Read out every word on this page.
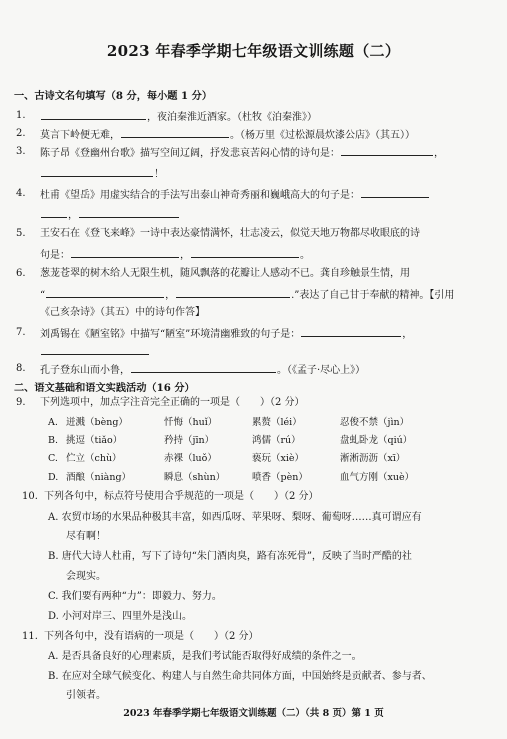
2023 年春季学期七年级语文训练题（二）
一、古诗文名句填写（8 分，每小题 1 分）
1.	，夜泊秦淮近酒家。（杜牧《泊秦淮》）
2. 莫言下岭便无难，	。（杨万里《过松源晨炊漆公店》（其五））
3. 陈子昂《登幽州台歌》描写空间辽阔，抒发悲哀苦闷心情的诗句是：	，
！
4. 杜甫《望岳》用虚实结合的手法写出泰山神奇秀丽和巍峨高大的句子是：
，
5. 王安石在《登飞来峰》一诗中表达豪情满怀，壮志凌云，似觉天地万物都尽收眼底的诗
句是：	，	。
6. 葱茏苍翠的树木给人无限生机，随风飘落的花瓣让人感动不已。龚自珍触景生情，用
“	，	.”表达了自己甘于奉献的精神。【引用
《己亥杂诗》（其五）中的诗句作答】
7. 刘禹锡在《陋室铭》中描写“陋室”环境清幽雅致的句子是：	，
8. 孔子登东山而小鲁，	。（《孟子·尽心上》）
二、语文基础和语文实践活动（16 分）
9. 下列选项中，加点字注音完全正确的一项是（　　）（2 分）
A. 迸溅（bèng）	忏悔（huǐ）	累赘（léi）	忍俊不禁（jìn）
B. 挑逗（tiǎo）	矜持（jīn）	鸿儒（rú）	盘虬卧龙（qiú）
C. 伫立（chù）	赤裸（luǒ）	亵玩（xiè）	淅淅沥沥（xī）
D. 酒酿（niàng）	瞬息（shùn）	喷香（pèn）	血气方刚（xuè）
10. 下列各句中，标点符号使用合乎规范的一项是（　　）（2 分）
A. 农贸市场的水果品种极其丰富，如西瓜呀、苹果呀、梨呀、葡萄呀……真可谓应有
尽有啊！
B. 唐代大诗人杜甫，写下了诗句“朱门酒肉臭，路有冻死骨”，反映了当时严酷的社
会现实。
C. 我们要有两种“力”：即毅力、努力。
D. 小河对岸三、四里外是浅山。
11. 下列各句中，没有语病的一项是（　　）（2 分）
A. 是否具备良好的心理素质，是我们考试能否取得好成绩的条件之一。
B. 在应对全球气候变化、构建人与自然生命共同体方面，中国始终是贡献者、参与者、
引领者。
2023 年春季学期七年级语文训练题（二）（共 8 页）第 1 页
